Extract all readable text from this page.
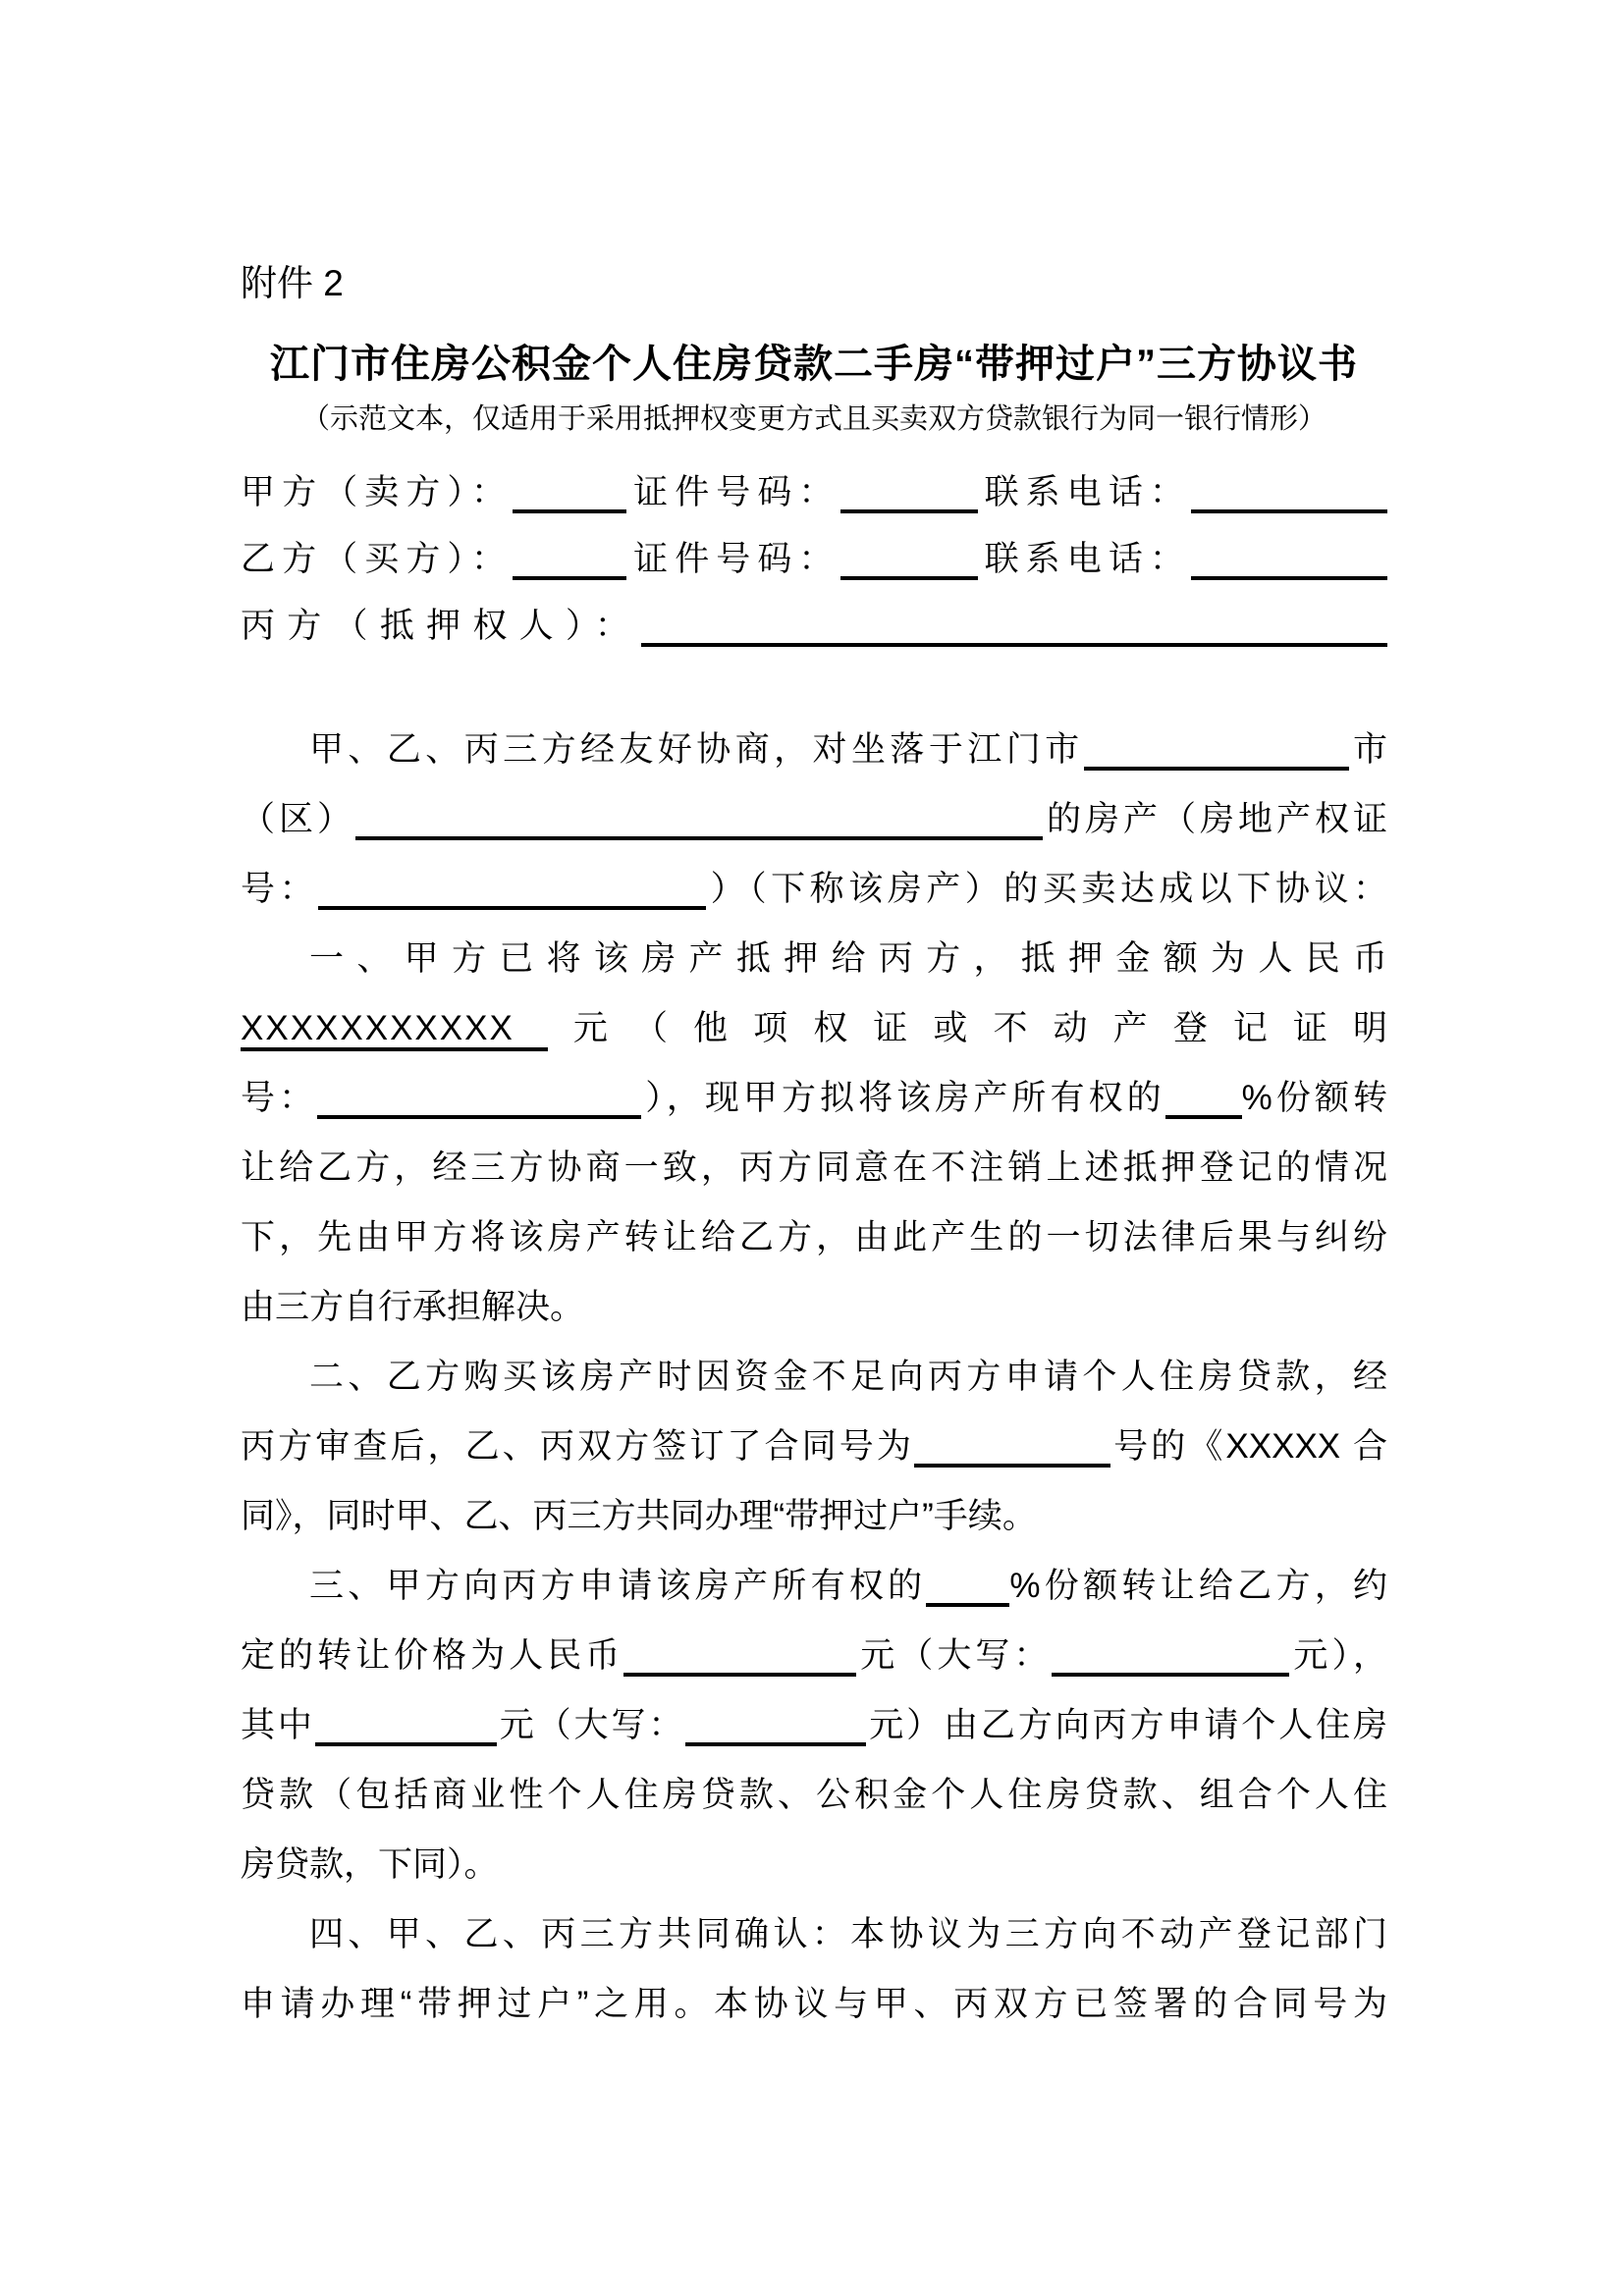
附件 2
江门市住房公积金个人住房贷款二手房“带押过户”三方协议书
（示范文本，仅适用于采用抵押权变更方式且买卖双方贷款银行为同一银行情形）
甲方（卖方）：	证件号码：	联系电话：
乙方（买方）：	证件号码：	联系电话：
丙方（抵押权人）：
甲、乙、丙三方经友好协商，对坐落于江门市	市
（区）	的房产（房地产权证
号：	）（下称该房产）的买卖达成以下协议：
一、甲方已将该房产抵押给丙方，抵押金额为人民币
XXXXXXXXXXX 元（他项权证或不动产登记证明
号：	），现甲方拟将该房产所有权的 %份额转
让给乙方，经三方协商一致，丙方同意在不注销上述抵押登记的情况
下，先由甲方将该房产转让给乙方，由此产生的一切法律后果与纠纷
由三方自行承担解决。
二、乙方购买该房产时因资金不足向丙方申请个人住房贷款，经
丙方审查后，乙、丙双方签订了合同号为	号的《XXXXX 合
同》，同时甲、乙、丙三方共同办理“带押过户”手续。
三、甲方向丙方申请该房产所有权的 %份额转让给乙方，约
定的转让价格为人民币	元（大写：	元），
其中	元（大写：	元）由乙方向丙方申请个人住房
贷款（包括商业性个人住房贷款、公积金个人住房贷款、组合个人住
房贷款，下同）。
四、甲、乙、丙三方共同确认：本协议为三方向不动产登记部门
申请办理“带押过户”之用。本协议与甲、丙双方已签署的合同号为
